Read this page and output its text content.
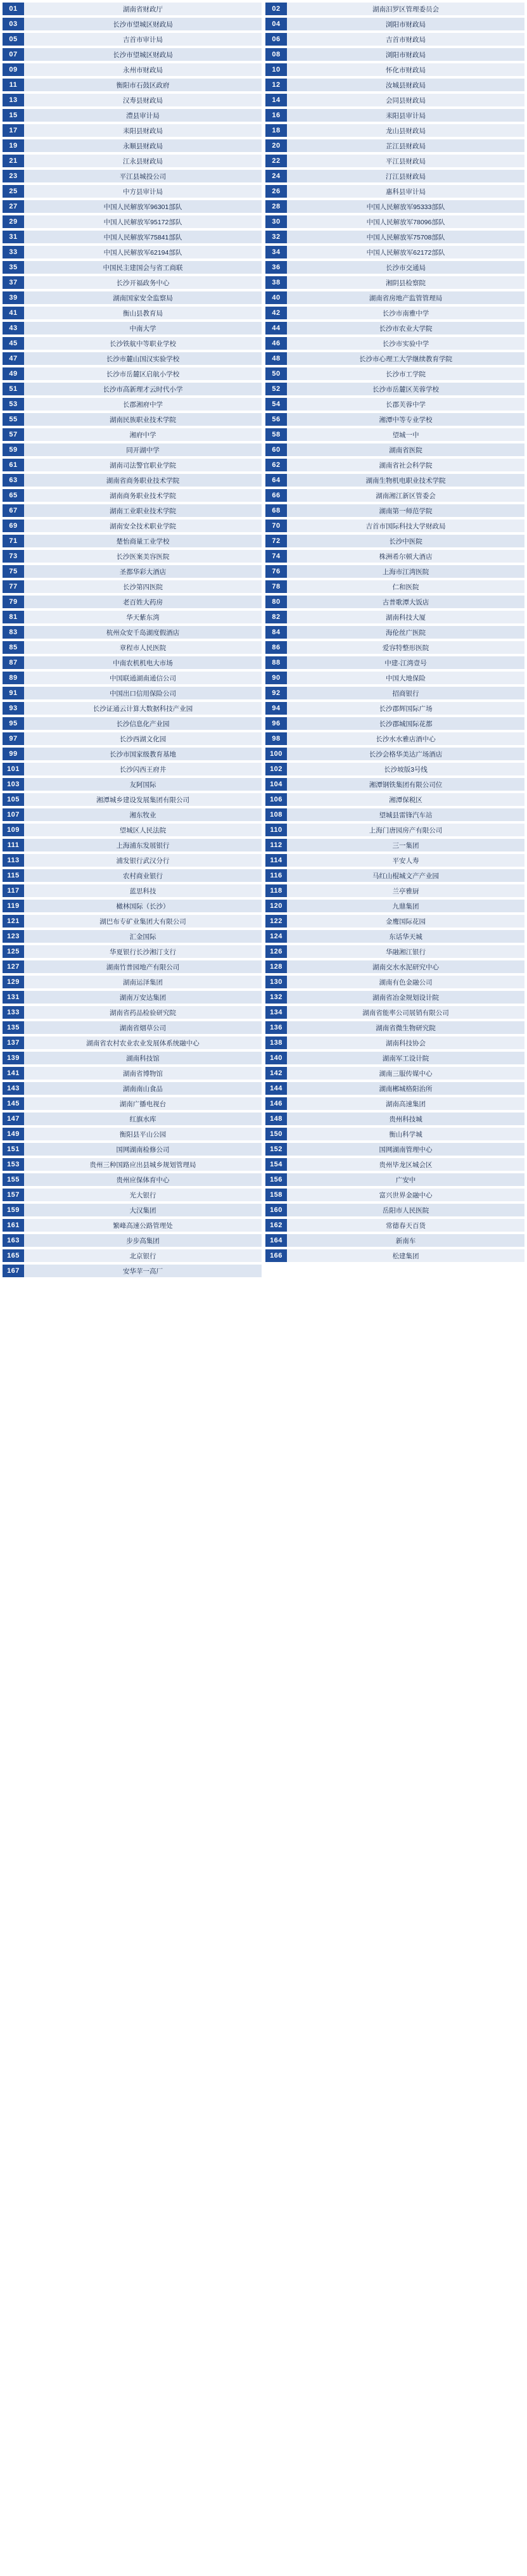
01	湖南省财政厅	02	湖南汨罗区管理委员会
03	长沙市望城区财政局	04	浏阳市财政局
05	吉首市审计局	06	吉首市财政局
07	长沙市望城区财政局	08	浏阳市财政局
09	永州市财政局	10	怀化市财政局
11	衡阳市石鼓区政府	12	汝城县财政局
13	汉寿县财政局	14	会同县财政局
15	澧县审计局	16	耒阳县审计局
17	耒阳县财政局	18	龙山县财政局
19	永顺县财政局	20	芷江县财政局
21	江永县财政局	22	平江县财政局
23	平江县城投公司	24	汀江县财政局
25	中方县审计局	26	惠科县审计局
27	中国人民解放军96301部队	28	中国人民解放军95333部队
29	中国人民解放军95172部队	30	中国人民解放军78096部队
31	中国人民解放军75841部队	32	中国人民解放军75708部队
33	中国人民解放军62194部队	34	中国人民解放军62172部队
35	中国民主建国会与省工商联	36	长沙市交通局
37	长沙开福政务中心	38	湘阴县检察院
39	湖南国家安全监察局	40	湖南省房地产监管管理局
41	衡山县教育局	42	长沙市南雅中学
43	中南大学	44	长沙市农业大学院
45	长沙铁航中等职业学校	46	长沙市实验中学
47	长沙市麓山国汉实验学校	48	长沙市心理工大学继续教育学院
49	长沙市岳麓区启航小学校	50	长沙市工学院
51	长沙市高新理才云时代小学	52	长沙市岳麓区芙蓉学校
53	长郡湘府中学	54	长郡芙蓉中学
55	湖南民族职业技术学院	56	湘潭中等专业学校
57	湘府中学	58	望城一中
59	同开湖中学	60	湖南省医院
61	湖南司法警官职业学院	62	湖南省社会科学院
63	湖南省商务职业技术学院	64	湖南生物机电职业技术学院
65	湖南商务职业技术学院	66	湖南湘江新区管委会
67	湖南工业职业技术学院	68	湖南第一师范学院
69	湖南安全技术职业学院	70	吉首市国际科技大学财政局
71	楚怡商量工业学校	72	长沙中医院
73	长沙医案美容医院	74	株洲希尔顿大酒店
75	圣都华彩大酒店	76	上海市江湾医院
77	长沙第四医院	78	仁和医院
79	老百姓大药房	80	古普歌潭大饭店
81	华天紫东湾	82	湖南科技大厦
83	杭州众安千岛湖度假酒店	84	海伦丝广医院
85	章程市人民医院	86	爱容特整形医院
87	中南农机机电大市场	88	中建·江湾壹号
89	中国联通湖南通信公司	90	中国大地保险
91	中国出口信用保险公司	92	招商银行
93	长沙证通云计算大数据科技产业园	94	长沙郡辉国际广场
95	长沙信息化产业园	96	长沙郡城国际花都
97	长沙西湖文化园	98	长沙水水雅店酒中心
99	长沙市国家级教育基地	100	长沙会格华美达广场酒店
101	长沙闪西王府井	102	长沙坡版3号线
103	友阿国际	104	湘潭钢铁集团有限公司位
105	湘潭城乡建设发展集团有限公司	106	湘潭保税区
107	湘东牧业	108	望城县雷锋汽车站
109	望城区人民法院	110	上海门唐园房产有限公司
111	上海浦东发展银行	112	三一集团
113	浦发银行武汉分行	114	平安人寿
115	农村商业银行	116	马红山棍城文产产业园
117	蓝思科技	118	兰亭雅厨
119	橄林国际（长沙）	120	九鼎集团
121	湖巴布专矿业集团大有限公司	122	金鹰国际花园
123	汇金国际	124	东话华天城
125	华夏银行长沙湘汀支行	126	华融湘江银行
127	湖南竹普园地产有限公司	128	湖南交水水泥研究中心
129	湖南运泽集团	130	湖南有色金融公司
131	湖南万安达集团	132	湖南省冶金规划设计院
133	湖南省药品检验研究院	134	湖南省能率公司展销有限公司
135	湖南省烟草公司	136	湖南省微生物研究院
137	湖南省农村农业农业发展体系统融中心	138	湖南科技协会
139	湖南科技馆	140	湖南军工设计院
141	湖南省博物馆	142	湖南三服传媒中心
143	湖南南山食品	144	湖南郴城格阳治所
145	湖南广播电视台	146	湖南高速集团
147	红旗水库	148	贵州科技城
149	衡阳县平山公园	150	衡山科学城
151	国网湖南检修公司	152	国网湖南管理中心
153	贵州三种国路应出县城乡规划管理局	154	贵州毕龙区城会区
155	贵州应保体育中心	156	广安中
157	光大银行	158	富兴世界金融中心
159	大汉集团	160	岳阳市人民医院
161	繁峰高速公路管理处	162	常德春天百货
163	步步高集团	164	新南车
165	北京银行	166	松建集团
167	安华苹一高厂
